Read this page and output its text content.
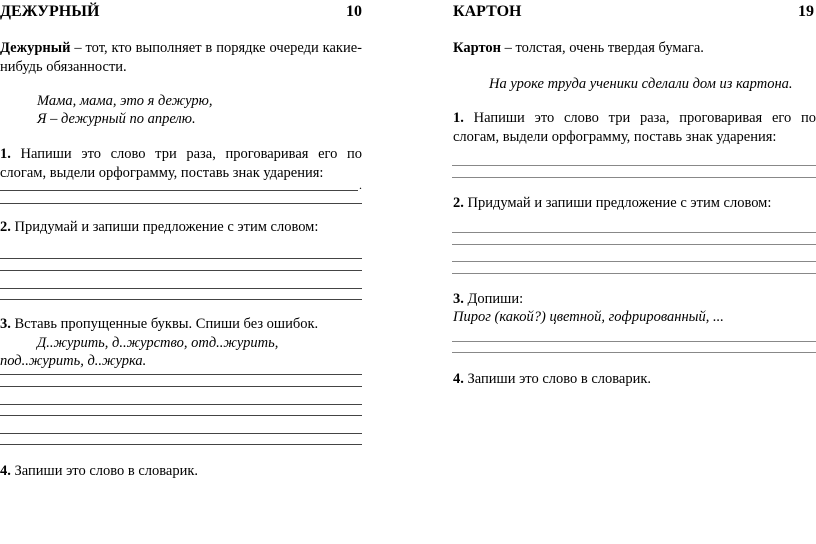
ДЕЖУРНЫЙ	10
Дежурный – тот, кто выполняет в порядке очереди какие-нибудь обязанности.
Мама, мама, это я дежурю,
Я – дежурный по апрелю.
1. Напиши это слово три раза, проговаривая его по слогам, выдели орфограмму, поставь знак ударения:
.
2. Придумай и запиши предложение с этим словом:
3. Вставь пропущенные буквы. Спиши без ошибок.
Д..журить, д..журство, отд..журить,
под..журить, д..журка.
4. Запиши это слово в словарик.
КАРТОН	19
Картон – толстая, очень твердая бумага.
На уроке труда ученики сделали дом из картона.
1. Напиши это слово три раза, проговаривая его по слогам, выдели орфограмму, поставь знак ударения:
2. Придумай и запиши предложение с этим словом:
3. Допиши:
Пирог (какой?) цветной, гофрированный, ...
4. Запиши это слово в словарик.
